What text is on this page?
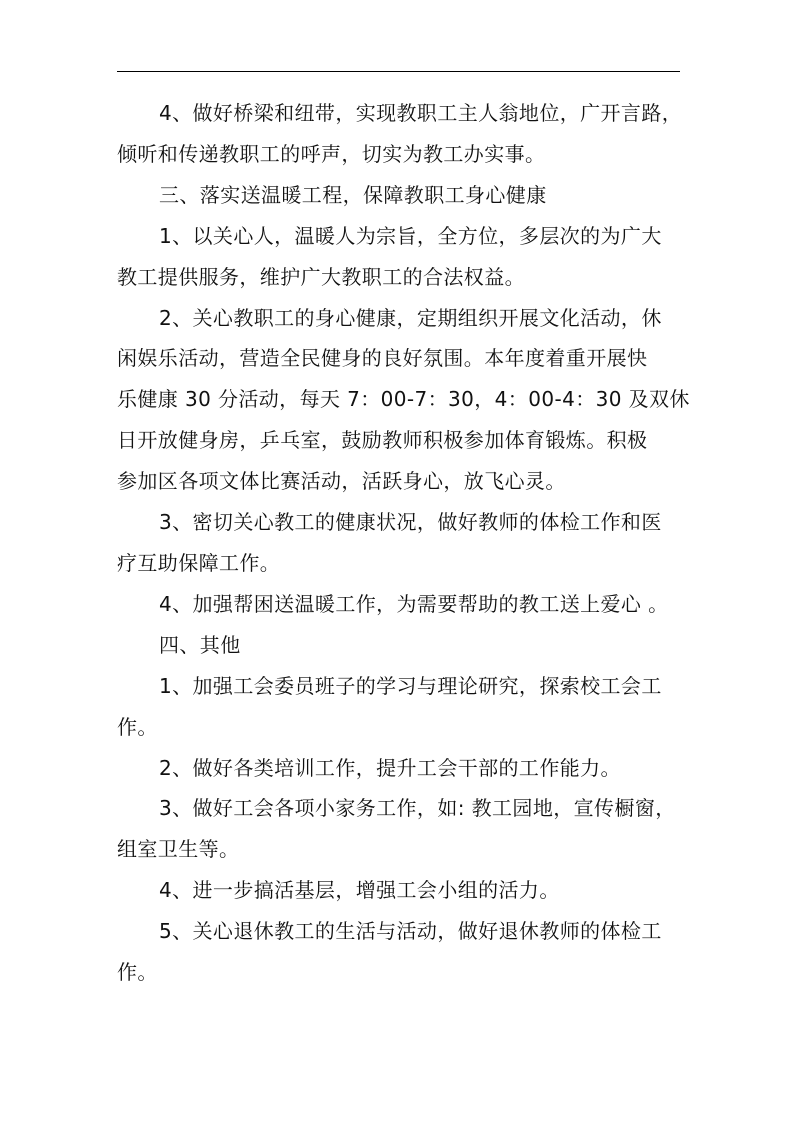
4、做好桥梁和纽带，实现教职工主人翁地位，广开言路，

倾听和传递教职工的呼声，切实为教工办实事。

三、落实送温暖工程，保障教职工身心健康

1、以关心人，温暖人为宗旨，全方位，多层次的为广大

教工提供服务，维护广大教职工的合法权益。

2、关心教职工的身心健康，定期组织开展文化活动，休

闲娱乐活动，营造全民健身的良好氛围。本年度着重开展快

乐健康 30 分活动，每天 7：00-7：30，4：00-4：30 及双休

日开放健身房，乒乓室，鼓励教师积极参加体育锻炼。积极

参加区各项文体比赛活动，活跃身心，放飞心灵。

3、密切关心教工的健康状况，做好教师的体检工作和医

疗互助保障工作。

4、加强帮困送温暖工作，为需要帮助的教工送上爱心 。

四、其他

1、加强工会委员班子的学习与理论研究，探索校工会工

作。

2、做好各类培训工作，提升工会干部的工作能力。

3、做好工会各项小家务工作，如: 教工园地，宣传橱窗，

组室卫生等。

4、进一步搞活基层，增强工会小组的活力。

5、关心退休教工的生活与活动，做好退休教师的体检工

作。
